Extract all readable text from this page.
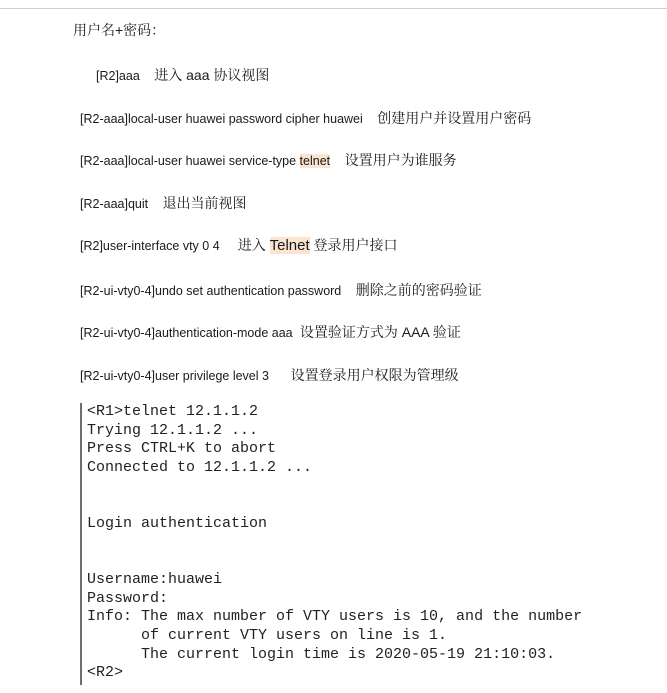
用户名+密码：
[R2]aaa 进入 aaa 协议视图
[R2-aaa]local-user huawei password cipher huawei 创建用户并设置用户密码
[R2-aaa]local-user huawei service-type telnet 设置用户为谁服务
[R2-aaa]quit 退出当前视图
[R2]user-interface vty 0 4 进入 Telnet 登录用户接口
[R2-ui-vty0-4]undo set authentication password 删除之前的密码验证
[R2-ui-vty0-4]authentication-mode aaa 设置验证方式为 AAA 验证
[R2-ui-vty0-4]user privilege level 3 设置登录用户权限为管理级
<R1>telnet 12.1.1.2
Trying 12.1.1.2 ...
Press CTRL+K to abort
Connected to 12.1.1.2 ...
Login authentication
Username:huawei
Password:
Info: The max number of VTY users is 10, and the number
of current VTY users on line is 1.
The current login time is 2020-05-19 21:10:03.
<R2>
